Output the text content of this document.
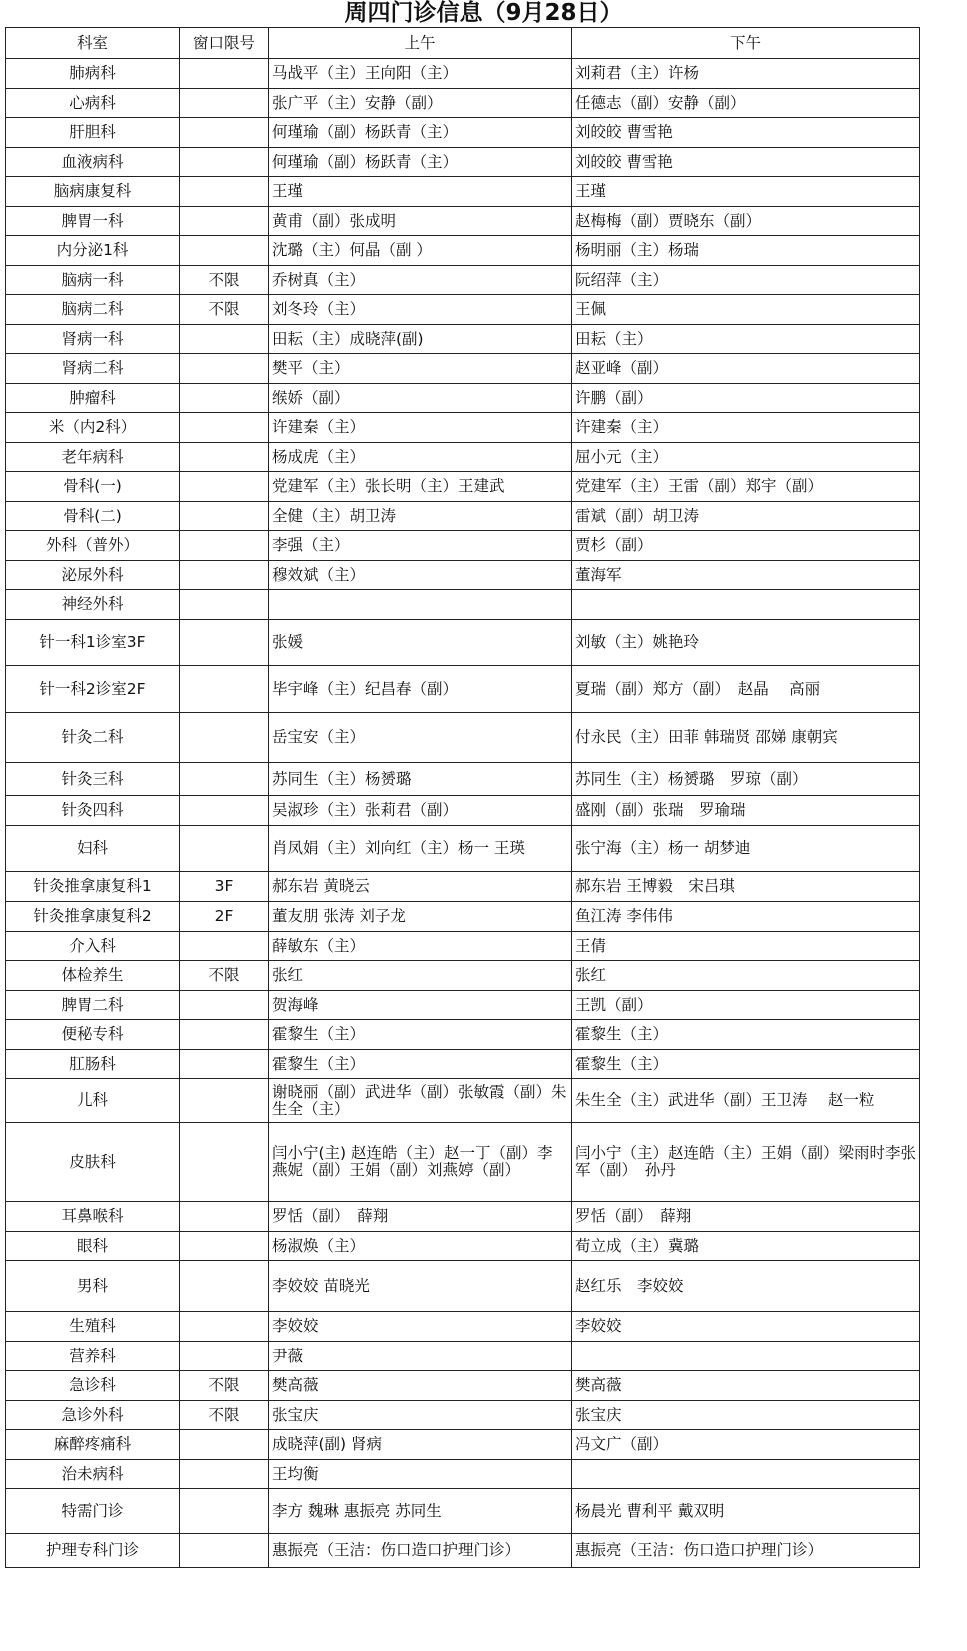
周四门诊信息（9月28日）
科室	窗口限号	上午	下午
肺病科		马战平（主）王向阳（主）	刘莉君（主）许杨
心病科		张广平（主）安静（副）	任德志（副）安静（副）
肝胆科		何瑾瑜（副）杨跃青（主）	刘皎皎 曹雪艳
血液病科		何瑾瑜（副）杨跃青（主）	刘皎皎 曹雪艳
脑病康复科		王瑾	王瑾
脾胃一科		黄甫（副）张成明	赵梅梅（副）贾晓东（副）
内分泌1科		沈璐（主）何晶（副 ）	杨明丽（主）杨瑞
脑病一科	不限	乔树真（主）	阮绍萍（主）
脑病二科	不限	刘冬玲（主）	王佩
肾病一科		田耘（主）成晓萍(副)	田耘（主）
肾病二科		樊平（主）	赵亚峰（副）
肿瘤科		缑娇（副）	许鹏（副）
米（内2科）		许建秦（主）	许建秦（主）
老年病科		杨成虎（主）	屈小元（主）
骨科(一)		党建军（主）张长明（主）王建武	党建军（主）王雷（副）郑宇（副）
骨科(二)		全健（主）胡卫涛	雷斌（副）胡卫涛
外科（普外）		李强（主）	贾杉（副）
泌尿外科		穆效斌（主）	董海军
神经外科			
针一科1诊室3F		张媛	刘敏（主）姚艳玲
针一科2诊室2F		毕宇峰（主）纪昌春（副）	夏瑞（副）郑方（副）　赵晶　 高丽
针灸二科		岳宝安（主）	付永民（主）田菲 韩瑞贤 邵娣 康朝宾
针灸三科		苏同生（主）杨赟璐	苏同生（主）杨赟璐　罗琼（副）
针灸四科		吴淑珍（主）张莉君（副）	盛刚（副）张瑞　罗瑜瑞
妇科		肖凤娟（主）刘向红（主）杨一 王瑛	张宁海（主）杨一 胡梦迪
针灸推拿康复科1	3F	郝东岩 黄晓云	郝东岩 王博毅　宋吕琪
针灸推拿康复科2	2F	董友朋 张涛 刘子龙	鱼江涛 李伟伟
介入科		薛敏东（主）	王倩
体检养生	不限	张红	张红
脾胃二科		贺海峰	王凯（副）
便秘专科		霍黎生（主）	霍黎生（主）
肛肠科		霍黎生（主）	霍黎生（主）
儿科		谢晓丽（副）武进华（副）张敏霞（副）朱生全（主）	朱生全（主）武进华（副）王卫涛　 赵一粒
皮肤科		闫小宁(主) 赵连皓（主）赵一丁（副）李燕妮（副）王娟（副）刘燕婷（副）	闫小宁（主）赵连皓（主）王娟（副）梁雨时李张军（副）　孙丹
耳鼻喉科		罗恬（副）　薛翔	罗恬（副）　薛翔
眼科		杨淑焕（主）	荀立成（主）冀璐
男科		李姣姣 苗晓光	赵红乐　李姣姣
生殖科		李姣姣	李姣姣
营养科		尹薇	
急诊科	不限	樊高薇	樊高薇
急诊外科	不限	张宝庆	张宝庆
麻醉疼痛科		成晓萍(副) 肾病	冯文广（副）
治未病科		王均衡	
特需门诊		李方 魏琳 惠振亮 苏同生	杨晨光 曹利平 戴双明
护理专科门诊		惠振亮（王洁：伤口造口护理门诊）	惠振亮（王洁：伤口造口护理门诊）
